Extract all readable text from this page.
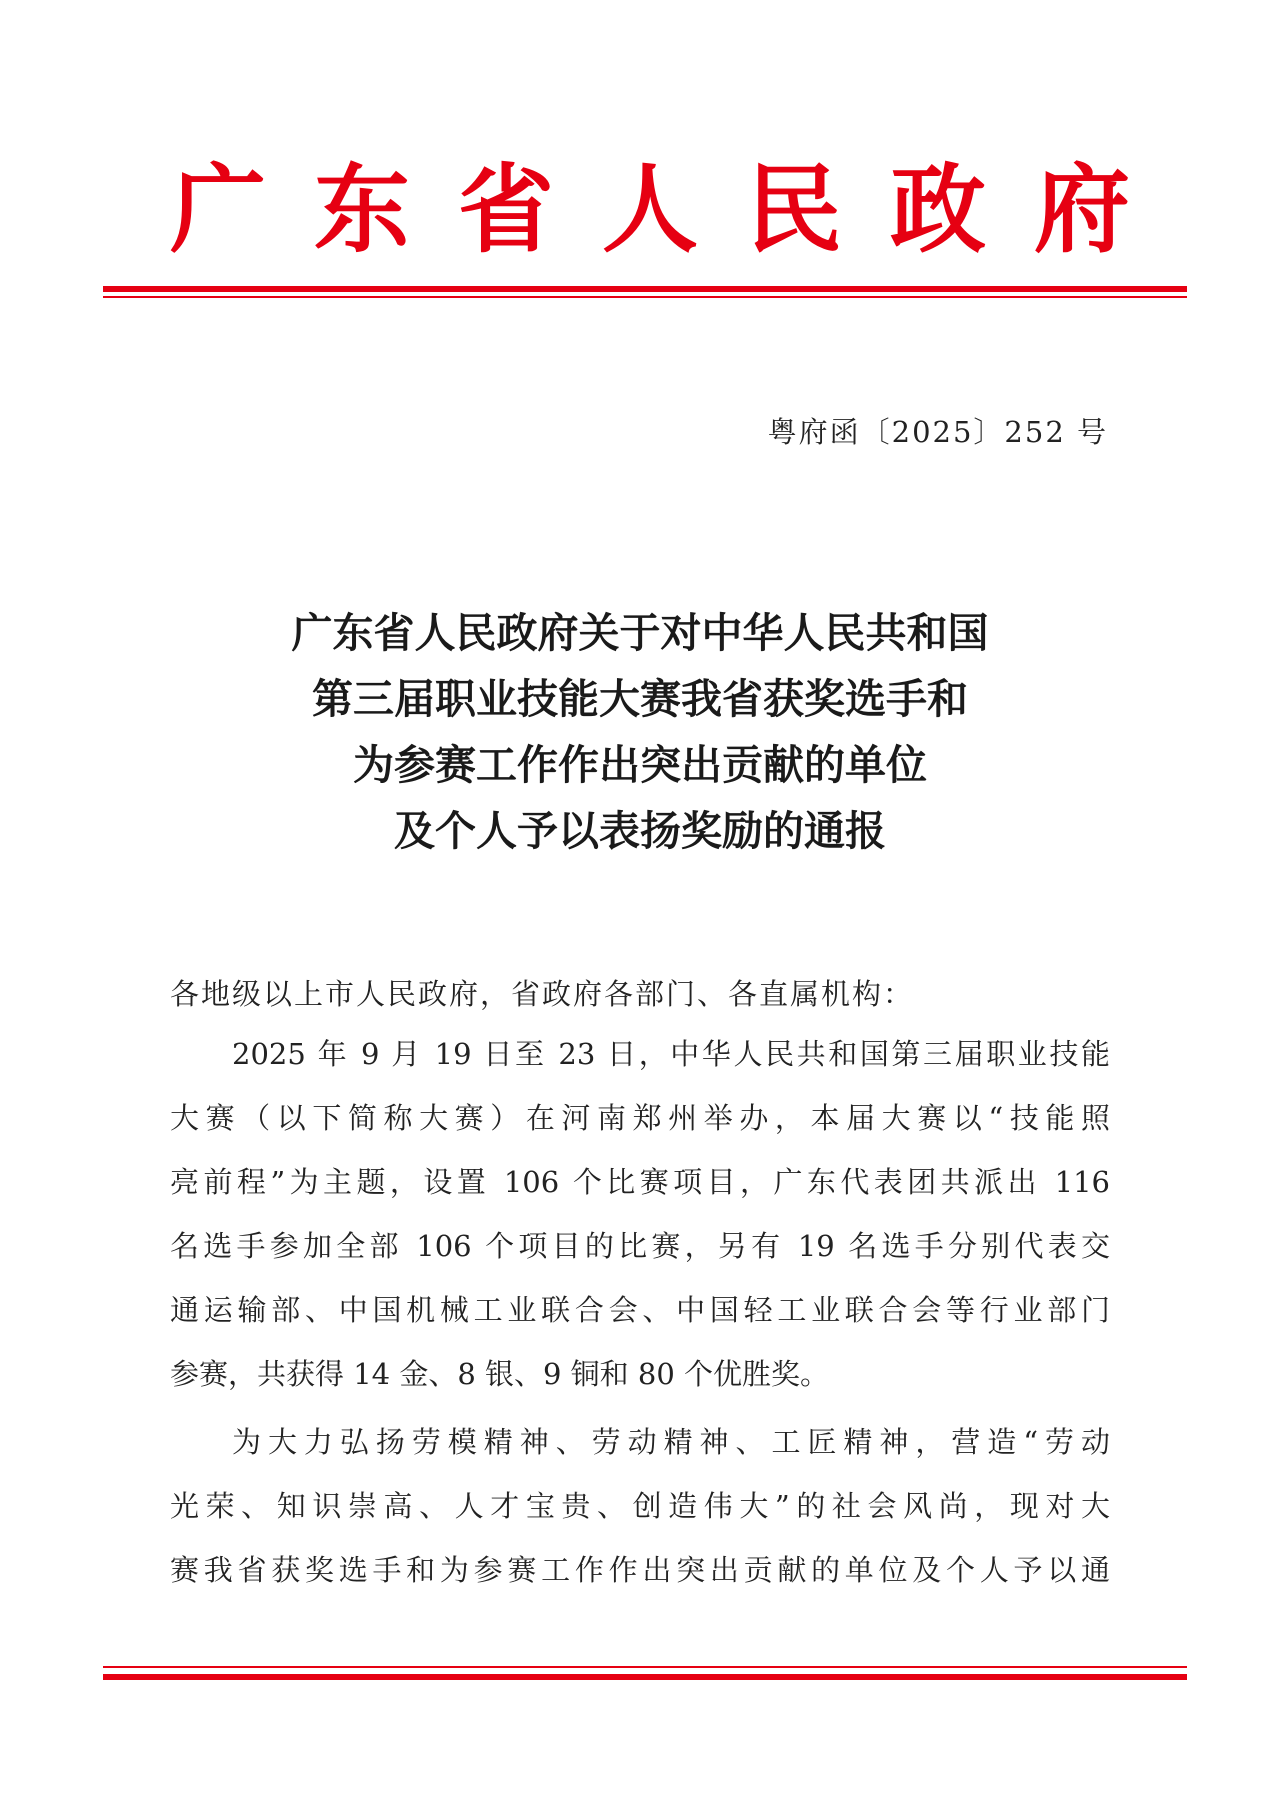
广 东 省 人 民 政 府
粤府函〔2025〕252 号
广东省人民政府关于对中华人民共和国
第三届职业技能大赛我省获奖选手和
为参赛工作作出突出贡献的单位
及个人予以表扬奖励的通报
各地级以上市人民政府，省政府各部门、各直属机构：
2025 年 9 月 19 日至 23 日，中华人民共和国第三届职业技能
大赛（以下简称大赛）在河南郑州举办，本届大赛以“技能照
亮前程”为主题，设置 106 个比赛项目，广东代表团共派出 116
名选手参加全部 106 个项目的比赛，另有 19 名选手分别代表交
通运输部、中国机械工业联合会、中国轻工业联合会等行业部门
参赛，共获得 14 金、8 银、9 铜和 80 个优胜奖。
为大力弘扬劳模精神、劳动精神、工匠精神，营造“劳动
光荣、知识崇高、人才宝贵、创造伟大”的社会风尚，现对大
赛我省获奖选手和为参赛工作作出突出贡献的单位及个人予以通
